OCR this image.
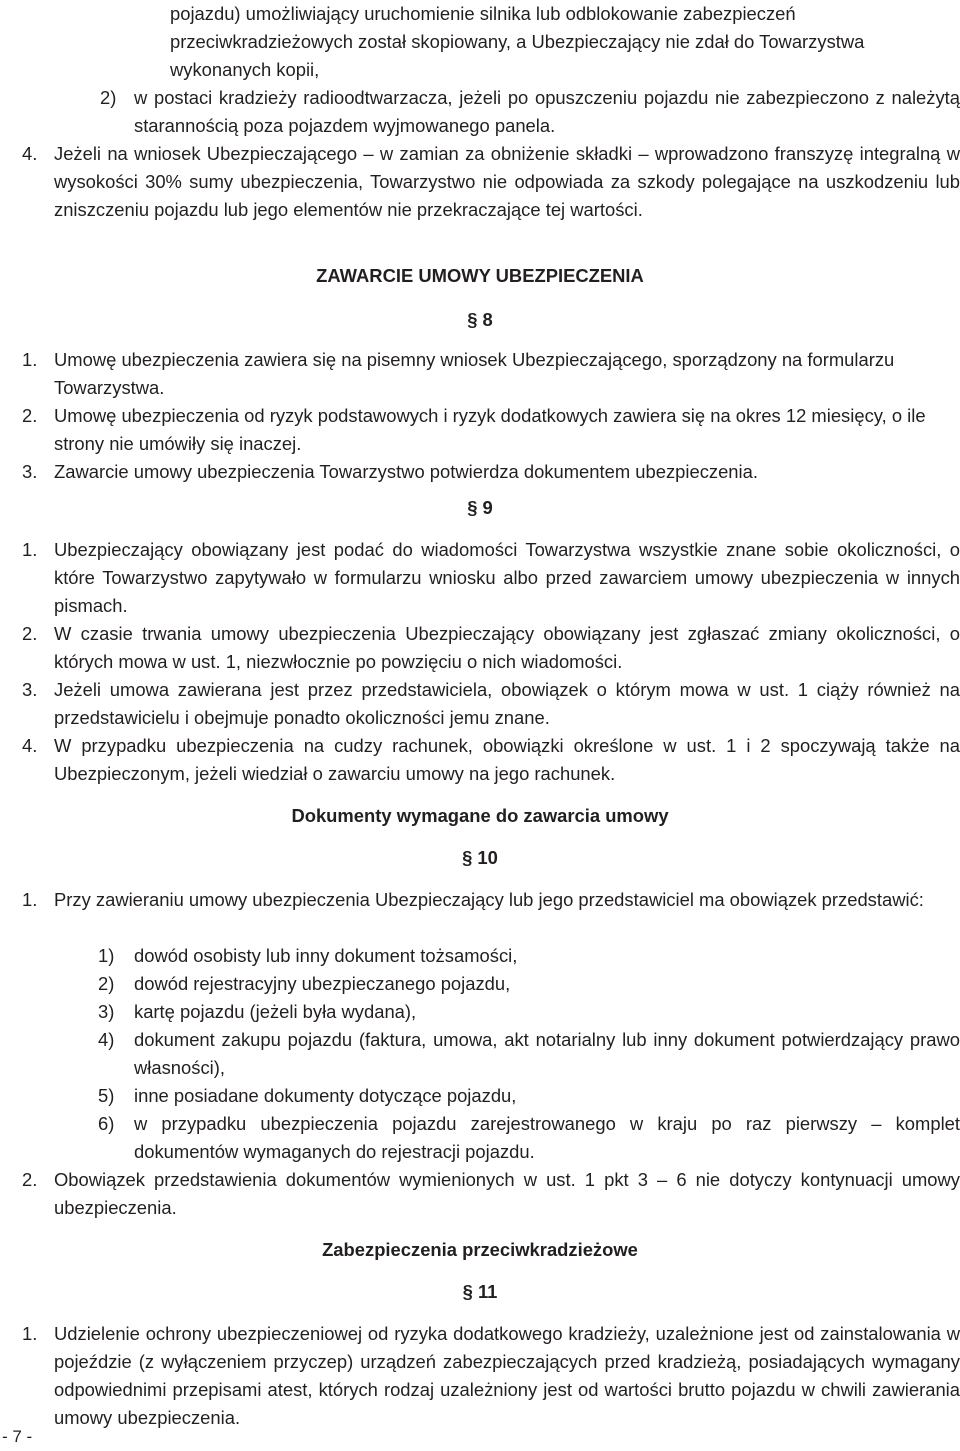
pojazdu) umożliwiający uruchomienie silnika lub odblokowanie zabezpieczeń przeciwkradzieżowych został skopiowany, a Ubezpieczający nie zdał do Towarzystwa wykonanych kopii,

2) w postaci kradzieży radioodtwarzacza, jeżeli po opuszczeniu pojazdu nie zabezpieczono z należytą starannością poza pojazdem wyjmowanego panela.
4. Jeżeli na wniosek Ubezpieczającego – w zamian za obniżenie składki – wprowadzono franszyzę integralną w wysokości 30% sumy ubezpieczenia, Towarzystwo nie odpowiada za szkody polegające na uszkodzeniu lub zniszczeniu pojazdu lub jego elementów nie przekraczające tej wartości.

ZAWARCIE UMOWY UBEZPIECZENIA

§ 8

1. Umowę ubezpieczenia zawiera się na pisemny wniosek Ubezpieczającego, sporządzony na formularzu Towarzystwa.
2. Umowę ubezpieczenia od ryzyk podstawowych i ryzyk dodatkowych zawiera się na okres 12 miesięcy, o ile strony nie umówiły się inaczej.
3. Zawarcie umowy ubezpieczenia Towarzystwo potwierdza dokumentem ubezpieczenia.

§ 9

1. Ubezpieczający obowiązany jest podać do wiadomości Towarzystwa wszystkie znane sobie okoliczności, o które Towarzystwo zapytywało w formularzu wniosku albo przed zawarciem umowy ubezpieczenia w innych pismach.
2. W czasie trwania umowy ubezpieczenia Ubezpieczający obowiązany jest zgłaszać zmiany okoliczności, o których mowa w ust. 1, niezwłocznie po powzięciu o nich wiadomości.
3. Jeżeli umowa zawierana jest przez przedstawiciela, obowiązek o którym mowa w ust. 1 ciąży również na przedstawicielu i obejmuje ponadto okoliczności jemu znane.
4. W przypadku ubezpieczenia na cudzy rachunek, obowiązki określone w ust. 1 i 2 spoczywają także na Ubezpieczonym, jeżeli wiedział o zawarciu umowy na jego rachunek.

Dokumenty wymagane do zawarcia umowy

§ 10

1. Przy zawieraniu umowy ubezpieczenia Ubezpieczający lub jego przedstawiciel ma obowiązek przedstawić:
1)	dowód osobisty lub inny dokument tożsamości,
2)	dowód rejestracyjny ubezpieczanego pojazdu,
3)	kartę pojazdu (jeżeli była wydana),
4)	dokument zakupu pojazdu (faktura, umowa, akt notarialny lub inny dokument potwierdzający prawo własności),
5)	inne posiadane dokumenty dotyczące pojazdu,
6)	w przypadku ubezpieczenia pojazdu zarejestrowanego w kraju po raz pierwszy – komplet dokumentów wymaganych do rejestracji pojazdu.
2. Obowiązek przedstawienia dokumentów wymienionych w ust. 1 pkt 3 – 6 nie dotyczy kontynuacji umowy ubezpieczenia.

Zabezpieczenia przeciwkradzieżowe

§ 11

1. Udzielenie ochrony ubezpieczeniowej od ryzyka dodatkowego kradzieży, uzależnione jest od zainstalowania w pojeździe (z wyłączeniem przyczep) urządzeń zabezpieczających przed kradzieżą, posiadających wymagany odpowiednimi przepisami atest, których rodzaj uzależniony jest od wartości brutto pojazdu w chwili zawierania umowy ubezpieczenia.
- 7 -
